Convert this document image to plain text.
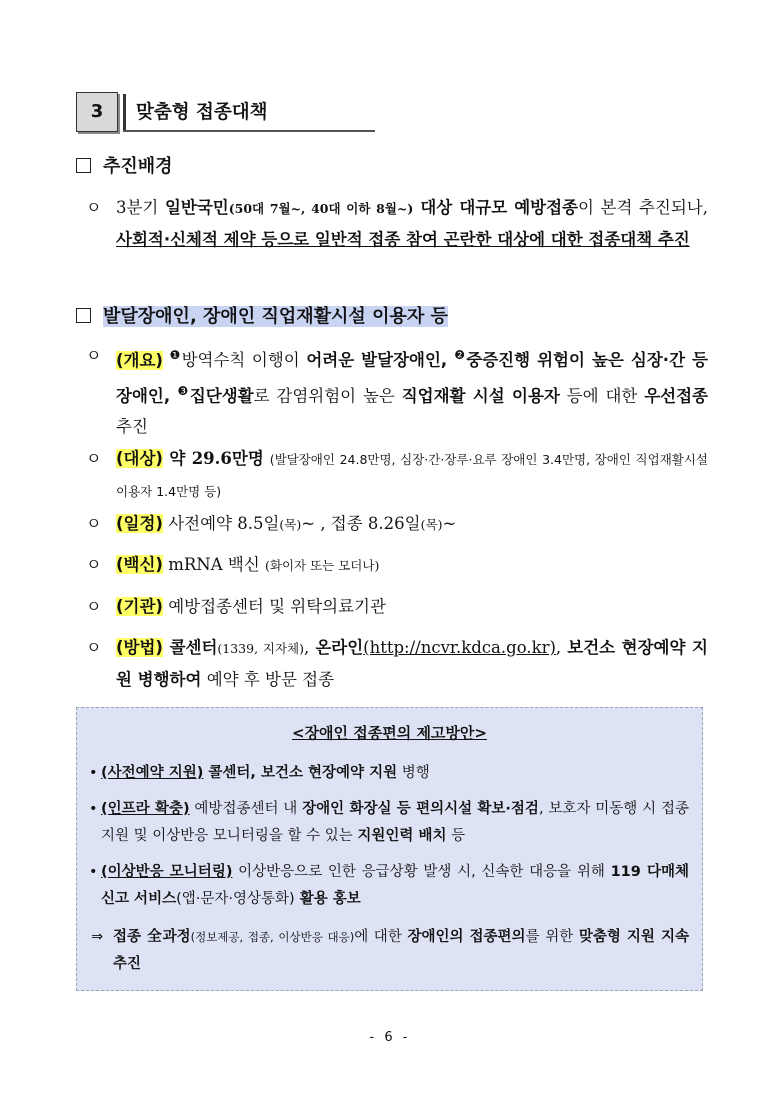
3	맞춤형 접종대책
추진배경
ㅇ 3분기 일반국민(50대 7월~, 40대 이하 8월~) 대상 대규모 예방접종이 본격 추진되나, 사회적·신체적 제약 등으로 일반적 접종 참여 곤란한 대상에 대한 접종대책 추진
발달장애인, 장애인 직업재활시설 이용자 등
ㅇ (개요) $^❶$방역수칙 이행이 어려운 발달장애인, $^❷$중증진행 위험이 높은 심장·간 등 장애인, $^❸$집단생활로 감염위험이 높은 직업재활 시설 이용자 등에 대한 우선접종 추진
ㅇ (대상) 약 29.6만명 (발달장애인 24.8만명, 심장·간·장루·요루 장애인 3.4만명, 장애인 직업재활시설 이용자 1.4만명 등)
ㅇ (일정) 사전예약 8.5일(목)~ , 접종 8.26일(목)~
ㅇ (백신) mRNA 백신 (화이자 또는 모더나)
ㅇ (기관) 예방접종센터 및 위탁의료기관
ㅇ (방법) 콜센터(1339, 지자체), 온라인(http://ncvr.kdca.go.kr), 보건소 현장예약 지원 병행하여 예약 후 방문 접종
<장애인 접종편의 제고방안>
• (사전예약 지원) 콜센터, 보건소 현장예약 지원 병행
• (인프라 확충) 예방접종센터 내 장애인 화장실 등 편의시설 확보·점검, 보호자 미동행 시 접종지원 및 이상반응 모니터링을 할 수 있는 지원인력 배치 등
• (이상반응 모니터링) 이상반응으로 인한 응급상황 발생 시, 신속한 대응을 위해 119 다매체 신고 서비스(앱·문자·영상통화) 활용 홍보
⇒ 접종 全과정(정보제공, 접종, 이상반응 대응)에 대한 장애인의 접종편의를 위한 맞춤형 지원 지속 추진
- 6 -
